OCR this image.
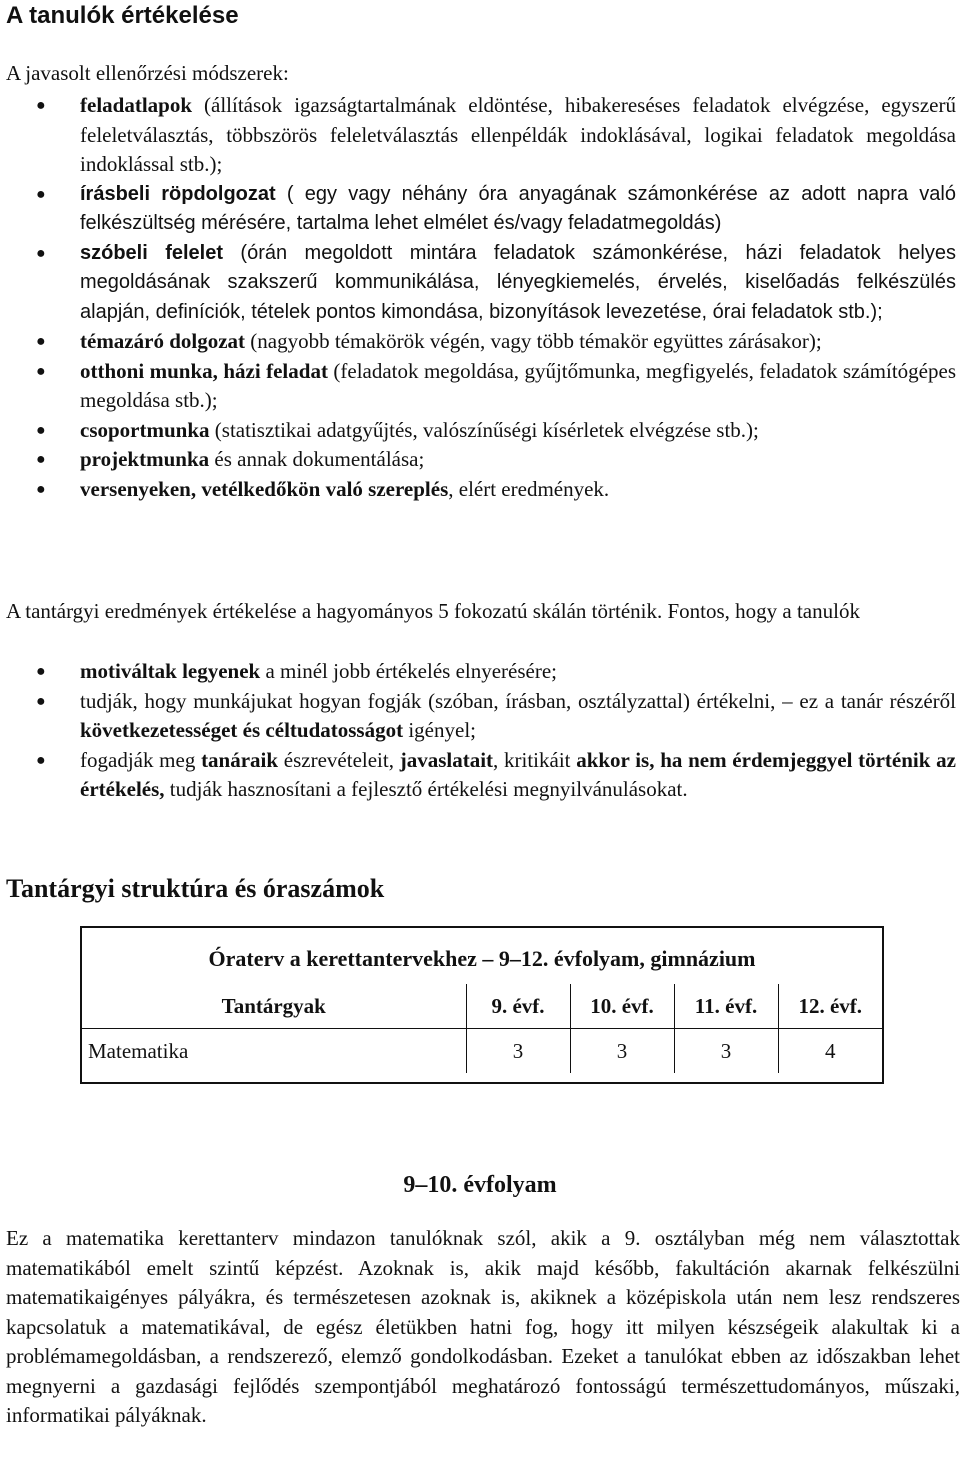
A tanulók értékelése

A javasolt ellenőrzési módszerek:

● feladatlapok (állítások igazságtartalmának eldöntése, hibakereséses feladatok elvégzése, egyszerű feleletválasztás, többszörös feleletválasztás ellenpéldák indoklásával, logikai feladatok megoldása indoklással stb.);
● írásbeli röpdolgozat ( egy vagy néhány óra anyagának számonkérése az adott napra való felkészültség mérésére, tartalma lehet elmélet és/vagy feladatmegoldás)
● szóbeli felelet (órán megoldott mintára feladatok számonkérése, házi feladatok helyes megoldásának szakszerű kommunikálása, lényegkiemelés, érvelés, kiselőadás felkészülés alapján, definíciók, tételek pontos kimondása, bizonyítások levezetése, órai feladatok stb.);
● témazáró dolgozat (nagyobb témakörök végén, vagy több témakör együttes zárásakor);
● otthoni munka, házi feladat (feladatok megoldása, gyűjtőmunka, megfigyelés, feladatok számítógépes megoldása stb.);
● csoportmunka (statisztikai adatgyűjtés, valószínűségi kísérletek elvégzése stb.);
● projektmunka és annak dokumentálása;
● versenyeken, vetélkedőkön való szereplés, elért eredmények.

A tantárgyi eredmények értékelése a hagyományos 5 fokozatú skálán történik. Fontos, hogy a tanulók

● motiváltak legyenek a minél jobb értékelés elnyerésére;
● tudják, hogy munkájukat hogyan fogják (szóban, írásban, osztályzattal) értékelni, – ez a tanár részéről következetességet és céltudatosságot igényel;
● fogadják meg tanáraik észrevételeit, javaslatait, kritikáit akkor is, ha nem érdemjeggyel történik az értékelés, tudják hasznosítani a fejlesztő értékelési megnyilvánulásokat.
Tantárgyi struktúra és óraszámok
Óraterv a kerettantervekhez – 9–12. évfolyam, gimnázium
Tantárgyak	9. évf.	10. évf.	11. évf.	12. évf.
Matematika	3	3	3	4
9–10. évfolyam

Ez a matematika kerettanterv mindazon tanulóknak szól, akik a 9. osztályban még nem választottak matematikából emelt szintű képzést. Azoknak is, akik majd később, fakultáción akarnak felkészülni matematikaigényes pályákra, és természetesen azoknak is, akiknek a középiskola után nem lesz rendszeres kapcsolatuk a matematikával, de egész életükben hatni fog, hogy itt milyen készségeik alakultak ki a problémamegoldásban, a rendszerező, elemző gondolkodásban. Ezeket a tanulókat ebben az időszakban lehet megnyerni a gazdasági fejlődés szempontjából meghatározó fontosságú természettudományos, műszaki, informatikai pályáknak.
